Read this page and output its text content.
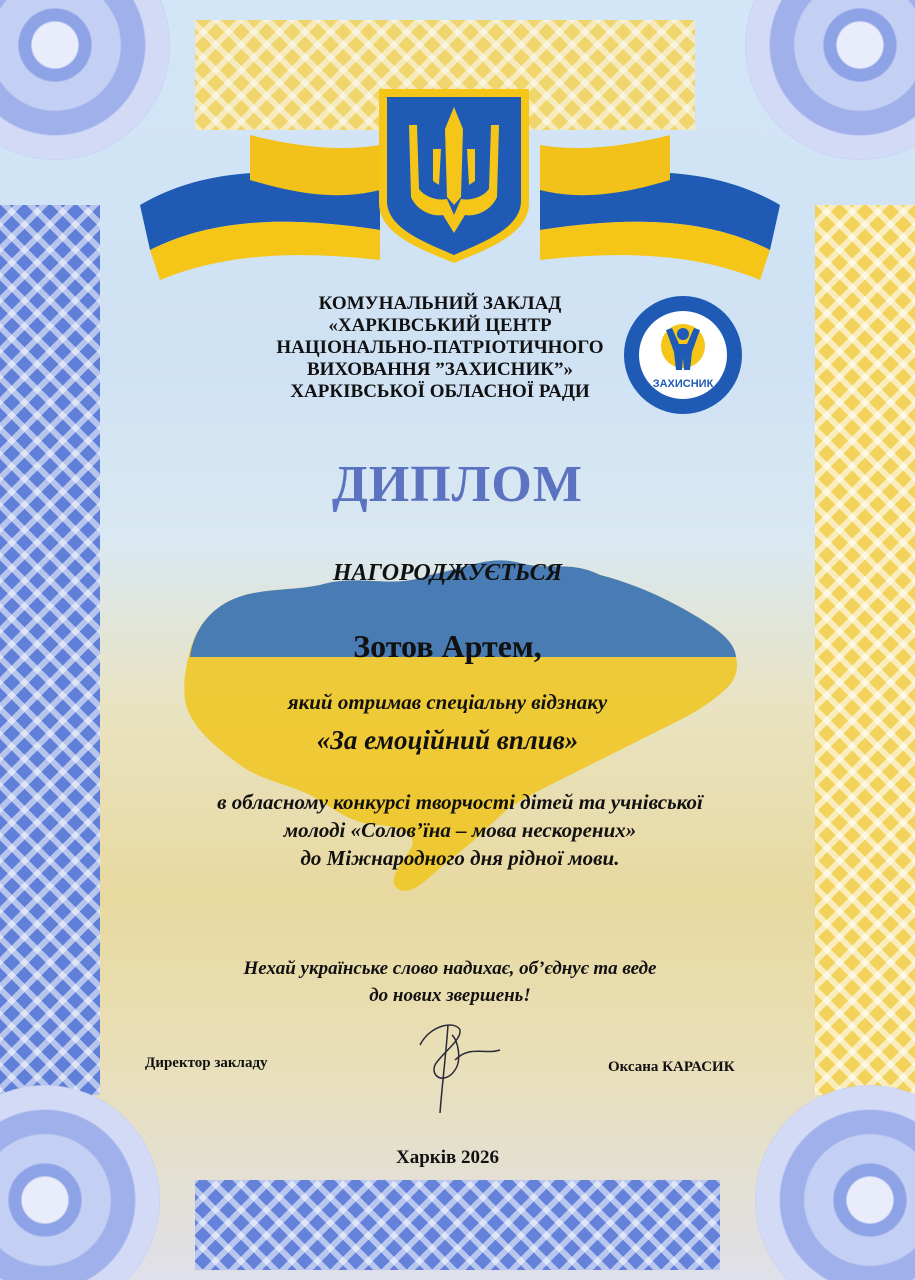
КОМУНАЛЬНИЙ ЗАКЛАД
«ХАРКІВСЬКИЙ ЦЕНТР
НАЦІОНАЛЬНО-ПАТРІОТИЧНОГО
ВИХОВАННЯ ”ЗАХИСНИК”»
ХАРКІВСЬКОЇ ОБЛАСНОЇ РАДИ	ЗАХИСНИК
ДИПЛОМ
НАГОРОДЖУЄТЬСЯ
Зотов Артем,
який отримав спеціальну відзнаку
«За емоційний вплив»
в обласному конкурсі творчості дітей та учнівської
молоді «Солов’їна – мова нескорених»
до Міжнародного дня рідної мови.
Нехай українське слово надихає, об’єднує та веде
до нових звершень!
Директор закладу	Оксана КАРАСИК
Харків 2026
